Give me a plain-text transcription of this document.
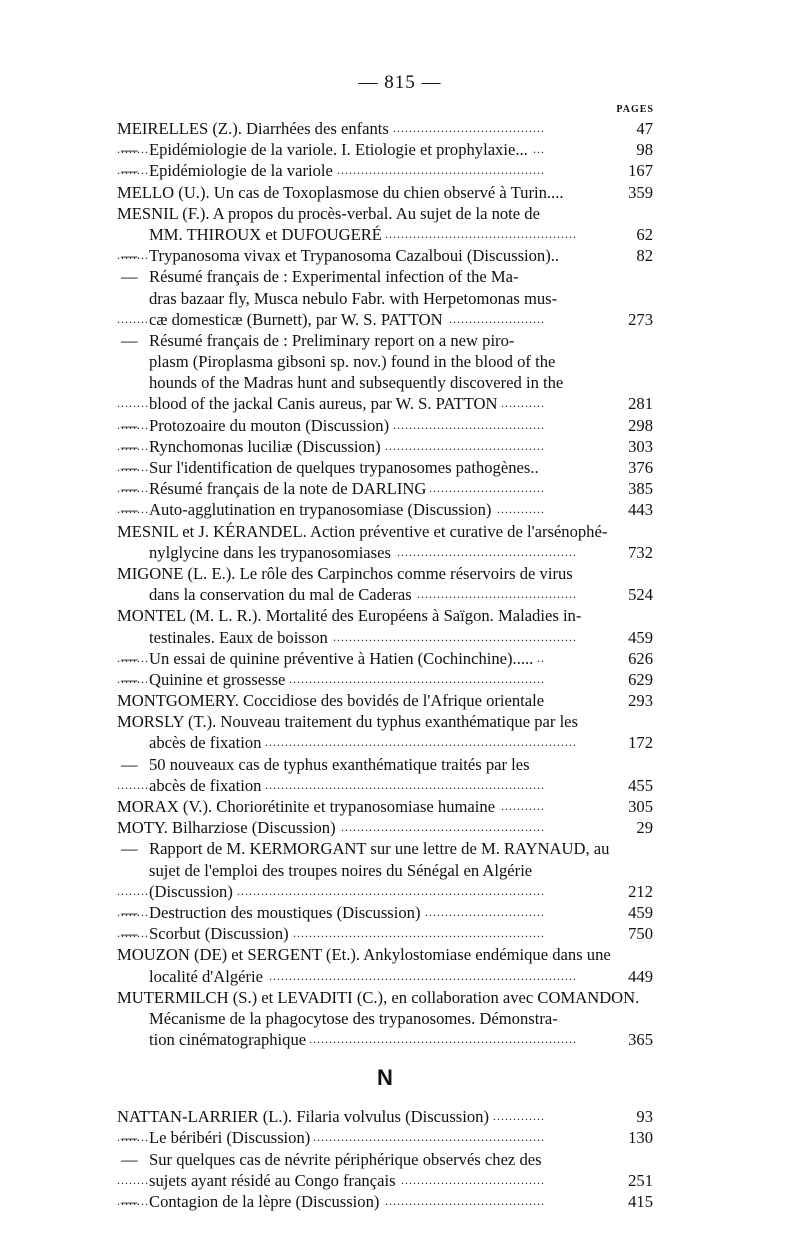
— 815 —
PAGES
MEIRELLES (Z.). Diarrhées des enfants	47
. . .
— Epidémiologie de la variole. I. Etiologie et prophylaxie...	98
. . .
— Epidémiologie de la variole	167
. . .
MELLO (U.). Un cas de Toxoplasmose du chien observé à Turin....	359
. . .
MESNIL (F.). A propos du procès-verbal. Au sujet de la note de
MM. THIROUX et DUFOUGERÉ	62
. . .
— Trypanosoma vivax et Trypanosoma Cazalboui (Discussion)..	82
. . .
— Résumé français de : Experimental infection of the Ma-
dras bazaar fly, Musca nebulo Fabr. with Herpetomonas mus-
cæ domesticæ (Burnett), par W. S. PATTON	273
. . .
— Résumé français de : Preliminary report on a new piro-
plasm (Piroplasma gibsoni sp. nov.) found in the blood of the
hounds of the Madras hunt and subsequently discovered in the
blood of the jackal Canis aureus, par W. S. PATTON	281
. . .
— Protozoaire du mouton (Discussion)	298
. . .
— Rynchomonas luciliæ (Discussion)	303
. . .
— Sur l'identification de quelques trypanosomes pathogènes..	376
. . .
— Résumé français de la note de DARLING	385
. . .
— Auto-agglutination en trypanosomiase (Discussion)	443
. . .
MESNIL et J. KÉRANDEL. Action préventive et curative de l'arsénophé-
nylglycine dans les trypanosomiases	732
. . .
MIGONE (L. E.). Le rôle des Carpinchos comme réservoirs de virus
dans la conservation du mal de Caderas	524
. . .
MONTEL (M. L. R.). Mortalité des Européens à Saïgon. Maladies in-
testinales. Eaux de boisson	459
. . .
— Un essai de quinine préventive à Hatien (Cochinchine).....	626
. . .
— Quinine et grossesse	629
. . .
MONTGOMERY. Coccidiose des bovidés de l'Afrique orientale	293
. . .
MORSLY (T.). Nouveau traitement du typhus exanthématique par les
abcès de fixation	172
. . .
— 50 nouveaux cas de typhus exanthématique traités par les
abcès de fixation	455
. . .
MORAX (V.). Choriorétinite et trypanosomiase humaine	305
. . .
MOTY. Bilharziose (Discussion)	29
. . .
— Rapport de M. KERMORGANT sur une lettre de M. RAYNAUD, au
sujet de l'emploi des troupes noires du Sénégal en Algérie
(Discussion)	212
. . .
— Destruction des moustiques (Discussion)	459
. . .
— Scorbut (Discussion)	750
. . .
MOUZON (DE) et SERGENT (Et.). Ankylostomiase endémique dans une
localité d'Algérie	449
. . .
MUTERMILCH (S.) et LEVADITI (C.), en collaboration avec COMANDON.
Mécanisme de la phagocytose des trypanosomes. Démonstra-
tion cinématographique	365
. . .
N
NATTAN-LARRIER (L.). Filaria volvulus (Discussion)	93
. . .
— Le béribéri (Discussion)	130
. . .
— Sur quelques cas de névrite périphérique observés chez des
sujets ayant résidé au Congo français	251
. . .
— Contagion de la lèpre (Discussion)	415
. . .
